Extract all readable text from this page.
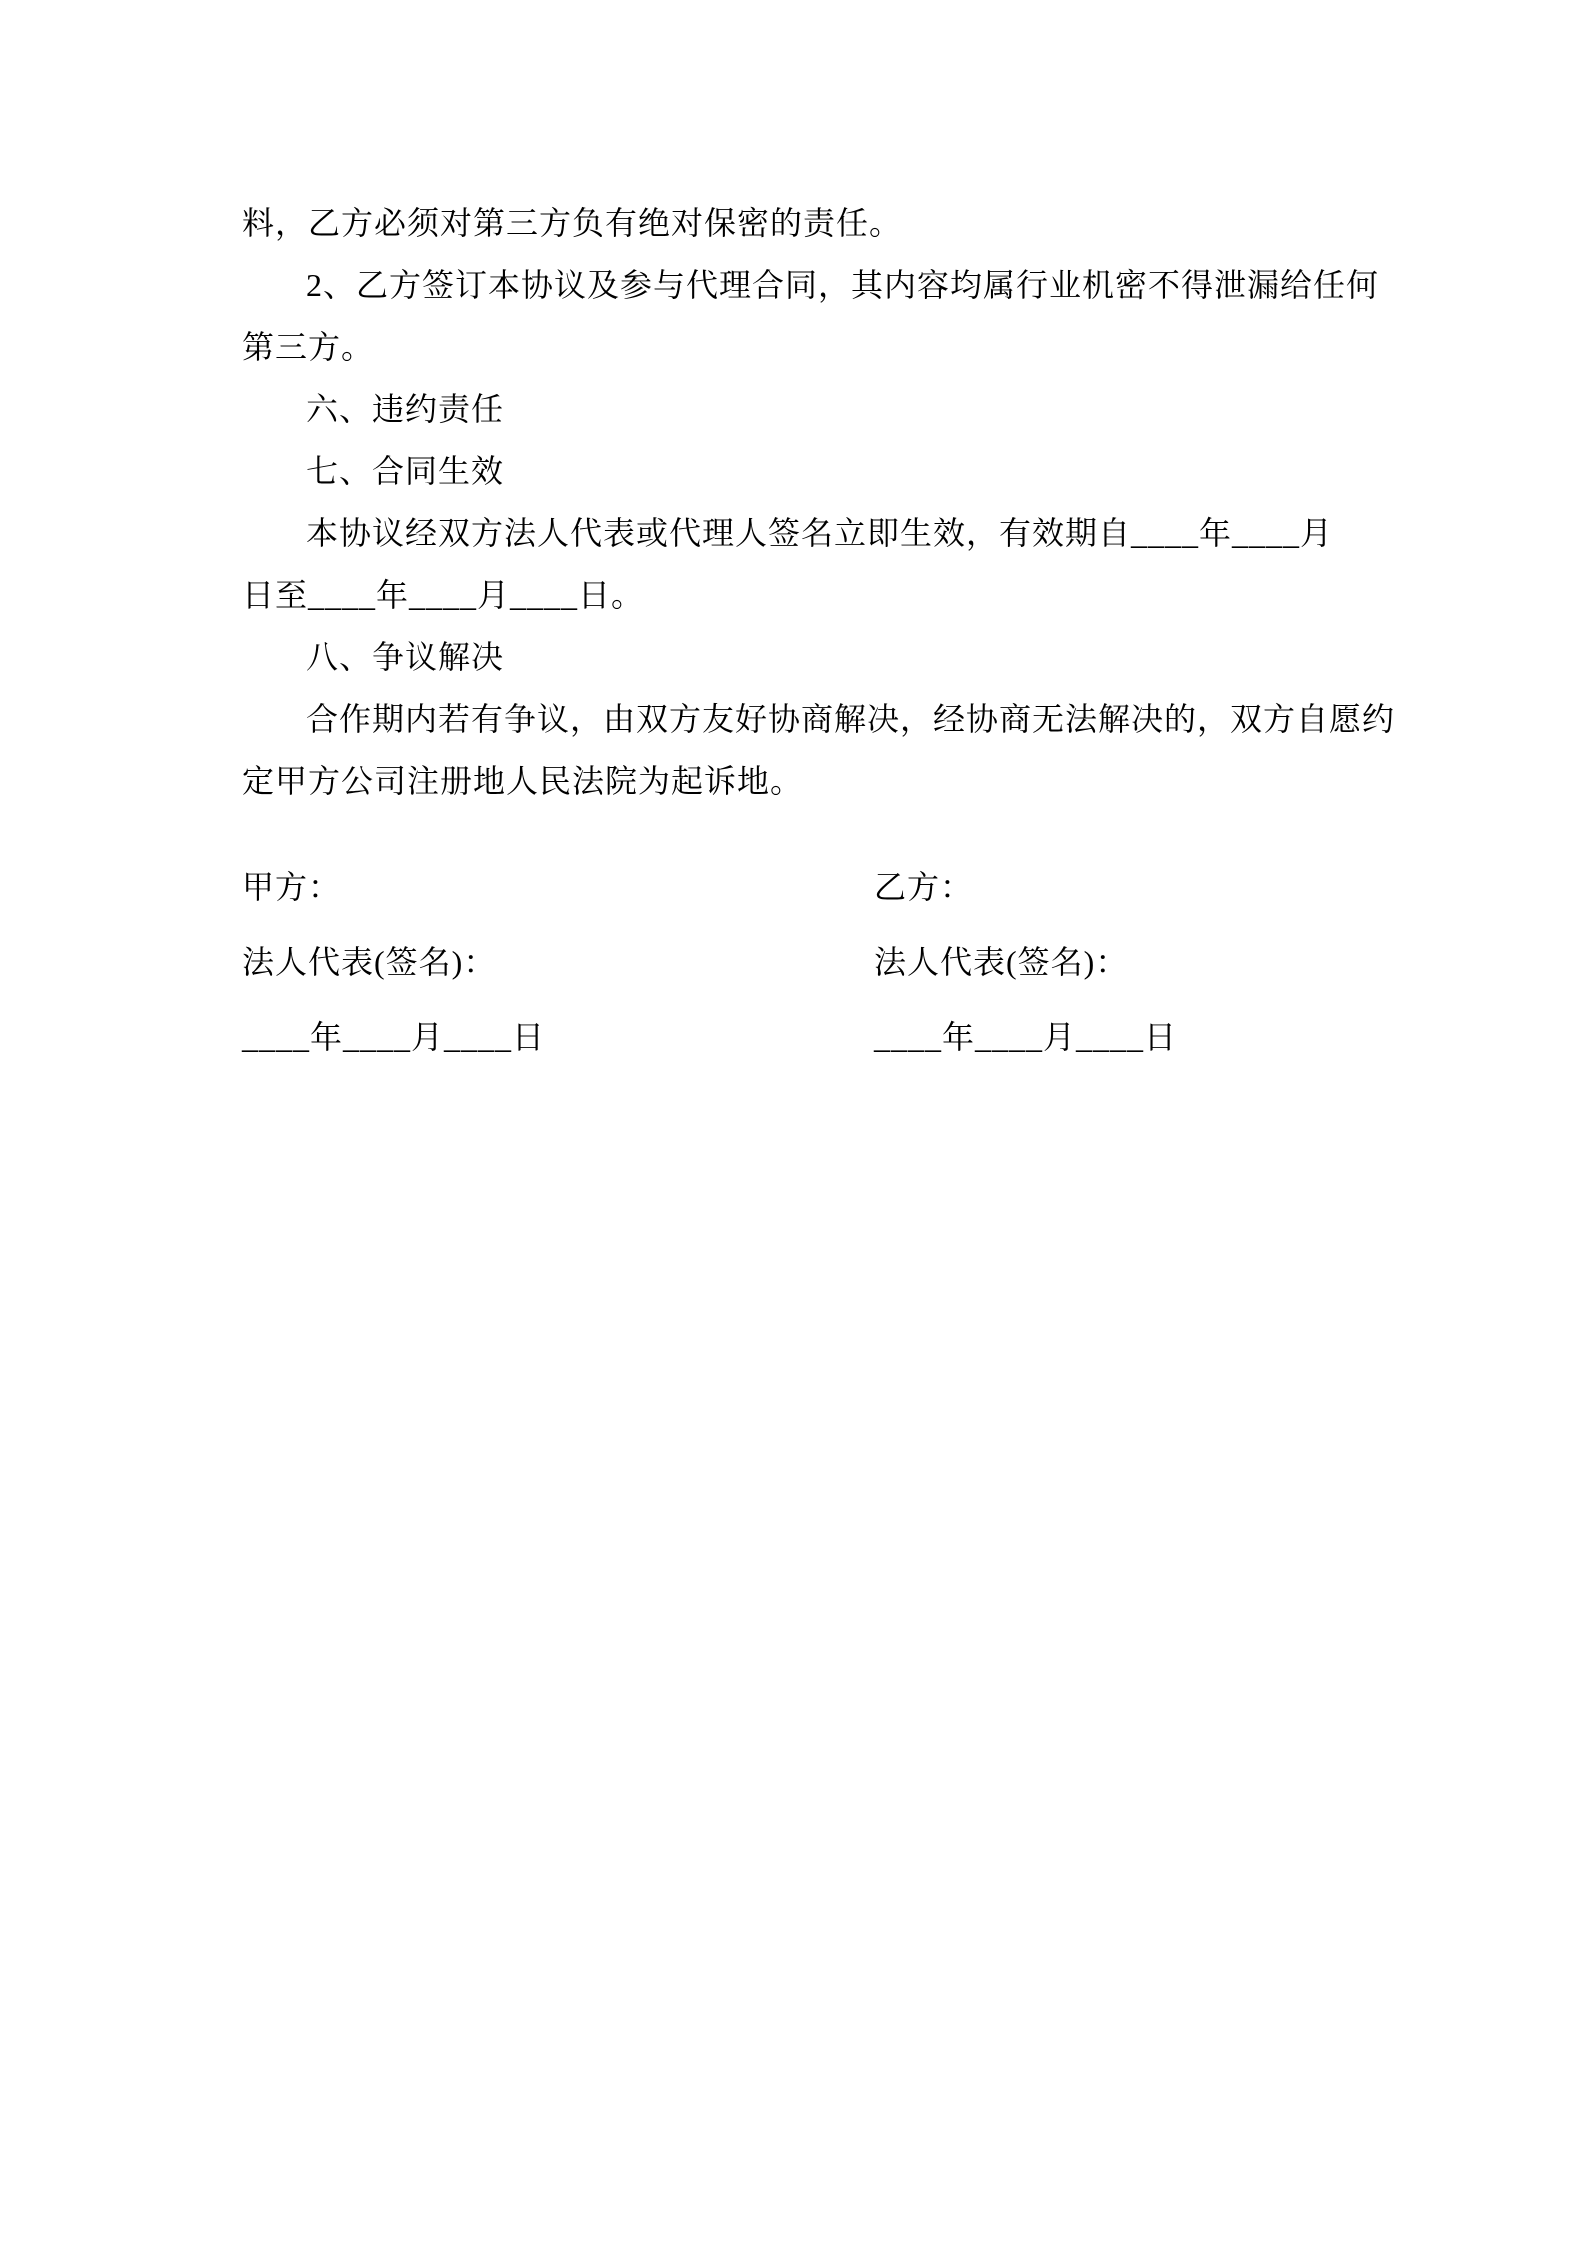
料，乙方必须对第三方负有绝对保密的责任。
2、乙方签订本协议及参与代理合同，其内容均属行业机密不得泄漏给任何
第三方。
六、违约责任
七、合同生效
本协议经双方法人代表或代理人签名立即生效，有效期自____年____月
日至____年____月____日。
八、争议解决
合作期内若有争议，由双方友好协商解决，经协商无法解决的，双方自愿约
定甲方公司注册地人民法院为起诉地。
甲方：
法人代表(签名)：
____年____月____日
乙方：
法人代表(签名)：
____年____月____日
